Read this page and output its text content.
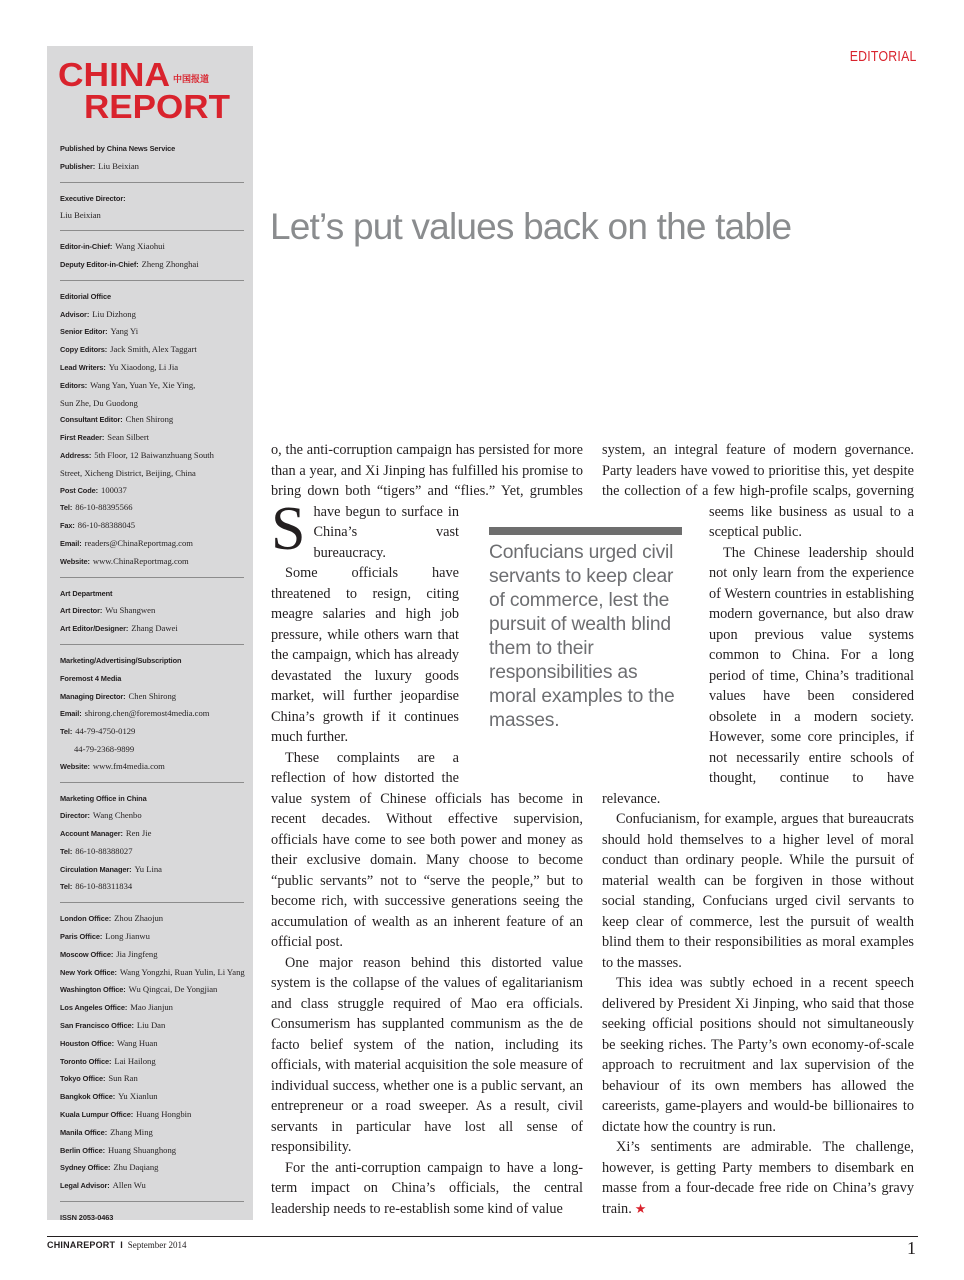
CHINA 中国报道
REPORT
Published by China News Service
Publisher: Liu Beixian
Executive Director:
Liu Beixian
Editor-in-Chief: Wang Xiaohui
Deputy Editor-in-Chief: Zheng Zhonghai
Editorial Office
Advisor: Liu Dizhong
Senior Editor: Yang Yi
Copy Editors: Jack Smith, Alex Taggart
Lead Writers: Yu Xiaodong, Li Jia
Editors: Wang Yan, Yuan Ye, Xie Ying,
Sun Zhe, Du Guodong
Consultant Editor: Chen Shirong
First Reader: Sean Silbert
Address: 5th Floor, 12 Baiwanzhuang South
Street, Xicheng District, Beijing, China
Post Code: 100037
Tel: 86-10-88395566
Fax: 86-10-88388045
Email: readers@ChinaReportmag.com
Website: www.ChinaReportmag.com
Art Department
Art Director: Wu Shangwen
Art Editor/Designer: Zhang Dawei
Marketing/Advertising/Subscription
Foremost 4 Media
Managing Director: Chen Shirong
Email: shirong.chen@foremost4media.com
Tel: 44-79-4750-0129
44-79-2368-9899
Website: www.fm4media.com
Marketing Office in China
Director: Wang Chenbo
Account Manager: Ren Jie
Tel: 86-10-88388027
Circulation Manager: Yu Lina
Tel: 86-10-88311834
London Office: Zhou Zhaojun
Paris Office: Long Jianwu
Moscow Office: Jia Jingfeng
New York Office: Wang Yongzhi, Ruan Yulin, Li Yang
Washington Office: Wu Qingcai, De Yongjian
Los Angeles Office: Mao Jianjun
San Francisco Office: Liu Dan
Houston Office: Wang Huan
Toronto Office: Lai Hailong
Tokyo Office: Sun Ran
Bangkok Office: Yu Xianlun
Kuala Lumpur Office: Huang Hongbin
Manila Office: Zhang Ming
Berlin Office: Huang Shuanghong
Sydney Office: Zhu Daqiang
Legal Advisor: Allen Wu
ISSN 2053-0463
EDITORIAL
Let’s put values back on the table

S
o, the anti-corruption campaign has persisted for more than a year, and Xi Jinping has fulfilled his promise to bring down both “tigers” and “flies.” Yet, grumbles have begun to surface in China’s vast bureaucracy.

Some officials have threatened to resign, citing meagre salaries and high job pressure, while others warn that the campaign, which has already devastated the luxury goods market, will further jeopardise China’s growth if it continues much further.

These complaints are a reflection of how distorted the value system of Chinese officials has become in recent decades. Without effective supervision, officials have come to see both power and money as their exclusive domain. Many choose to become “public servants” not to “serve the people,” but to become rich, with successive generations seeing the accumulation of wealth as an inherent feature of an official post.

One major reason behind this distorted value system is the collapse of the values of egalitarianism and class struggle required of Mao era officials. Consumerism has supplanted communism as the de facto belief system of the nation, including its officials, with material acquisition the sole measure of individual success, whether one is a public servant, an entrepreneur or a road sweeper. As a result, civil servants in particular have lost all sense of responsibility.

For the anti-corruption campaign to have a long-term impact on China’s officials, the central leadership needs to re-establish some kind of value

system, an integral feature of modern governance. Party leaders have vowed to prioritise this, yet despite the collection of a few high-profile scalps, governing seems like business as usual to a sceptical public.

The Chinese leadership should not only learn from the experience of Western countries in establishing modern governance, but also draw upon previous value systems common to China. For a long period of time, China’s traditional values have been considered obsolete in a modern society. However, some core principles, if not necessarily entire schools of thought, continue to have relevance.

Confucianism, for example, argues that bureaucrats should hold themselves to a higher level of moral conduct than ordinary people. While the pursuit of material wealth can be forgiven in those without social standing, Confucians urged civil servants to keep clear of commerce, lest the pursuit of wealth blind them to their responsibilities as moral examples to the masses.

This idea was subtly echoed in a recent speech delivered by President Xi Jinping, who said that those seeking official positions should not simultaneously be seeking riches. The Party’s own economy-of-scale approach to recruitment and lax supervision of the behaviour of its own members has allowed the careerists, game-players and would-be billionaires to dictate how the country is run.

Xi’s sentiments are admirable. The challenge, however, is getting Party members to disembark en masse from a four-decade free ride on China’s gravy train. ★

Confucians urged civil servants to keep clear of commerce, lest the pursuit of wealth blind them to their responsibilities as moral examples to the masses.
CHINAREPORT I September 2014	1
